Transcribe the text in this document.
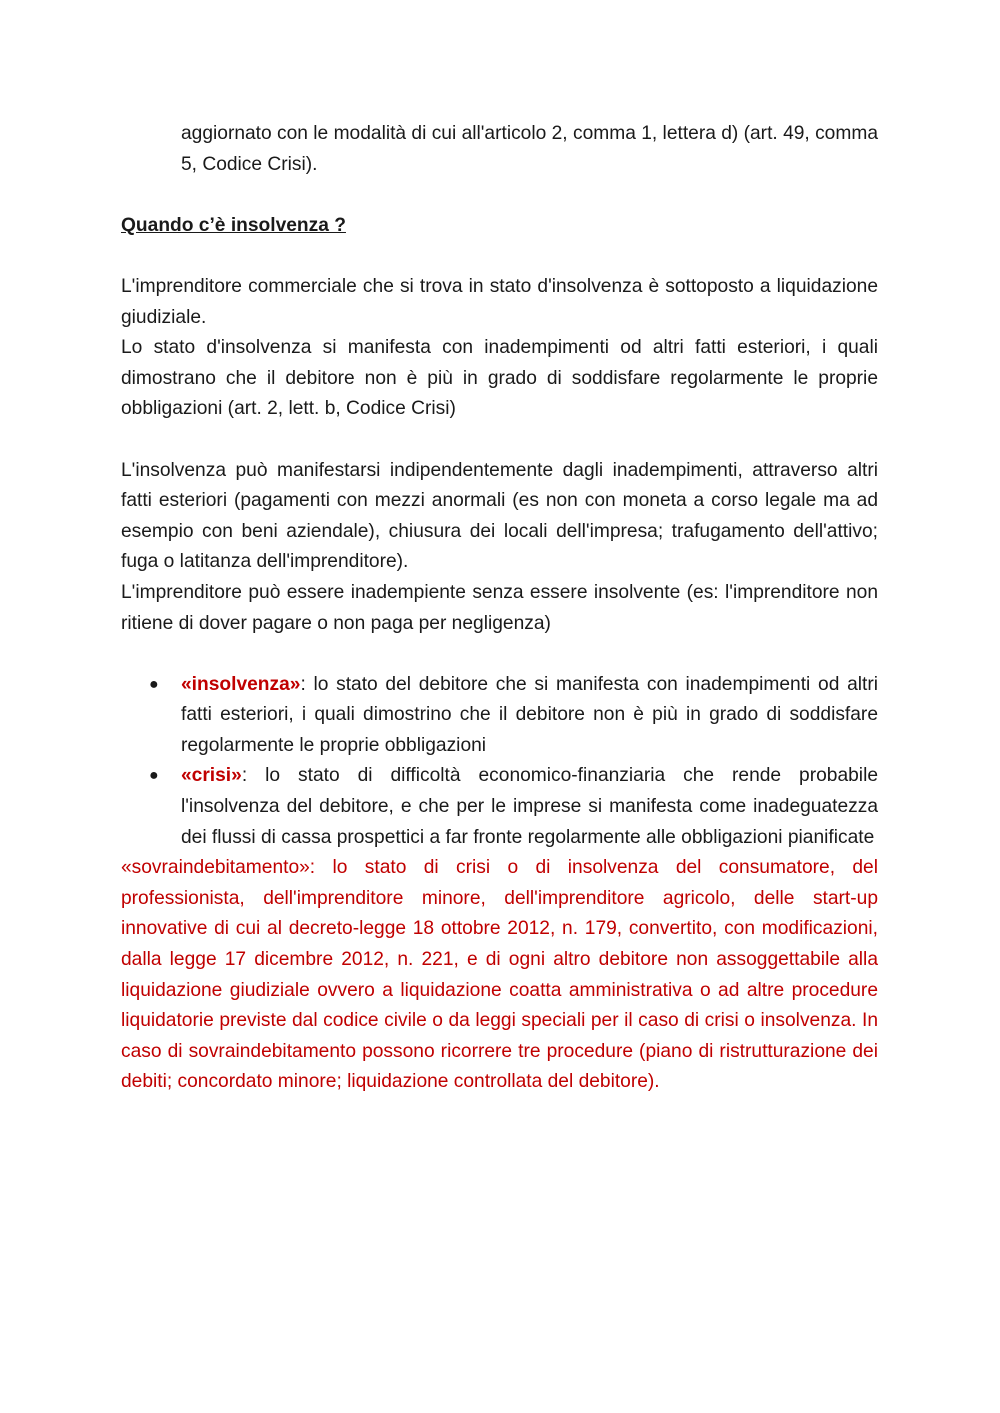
aggiornato con le modalità di cui all'articolo 2, comma 1, lettera d) (art. 49, comma 5, Codice Crisi).

Quando c’è insolvenza ?

L'imprenditore commerciale che si trova in stato d'insolvenza è sottoposto a liquidazione giudiziale.

Lo stato d'insolvenza si manifesta con inadempimenti od altri fatti esteriori, i quali dimostrano che il debitore non è più in grado di soddisfare regolarmente le proprie obbligazioni (art. 2, lett. b, Codice Crisi)

L'insolvenza può manifestarsi indipendentemente dagli inadempimenti, attraverso altri fatti esteriori (pagamenti con mezzi anormali (es non con moneta a corso legale ma ad esempio con beni aziendale), chiusura dei locali dell'impresa; trafugamento dell'attivo; fuga o latitanza dell'imprenditore).

L'imprenditore può essere inadempiente senza essere insolvente (es: l'imprenditore non ritiene di dover pagare o non paga per negligenza)

● «insolvenza»: lo stato del debitore che si manifesta con inadempimenti od altri fatti esteriori, i quali dimostrino che il debitore non è più in grado di soddisfare regolarmente le proprie obbligazioni
● «crisi»: lo stato di difficoltà economico-finanziaria che rende probabile l'insolvenza del debitore, e che per le imprese si manifesta come inadeguatezza dei flussi di cassa prospettici a far fronte regolarmente alle obbligazioni pianificate

«sovraindebitamento»: lo stato di crisi o di insolvenza del consumatore, del professionista, dell'imprenditore minore, dell'imprenditore agricolo, delle start-up innovative di cui al decreto-legge 18 ottobre 2012, n. 179, convertito, con modificazioni, dalla legge 17 dicembre 2012, n. 221, e di ogni altro debitore non assoggettabile alla liquidazione giudiziale ovvero a liquidazione coatta amministrativa o ad altre procedure liquidatorie previste dal codice civile o da leggi speciali per il caso di crisi o insolvenza. In caso di sovraindebitamento possono ricorrere tre procedure (piano di ristrutturazione dei debiti; concordato minore; liquidazione controllata del debitore).
